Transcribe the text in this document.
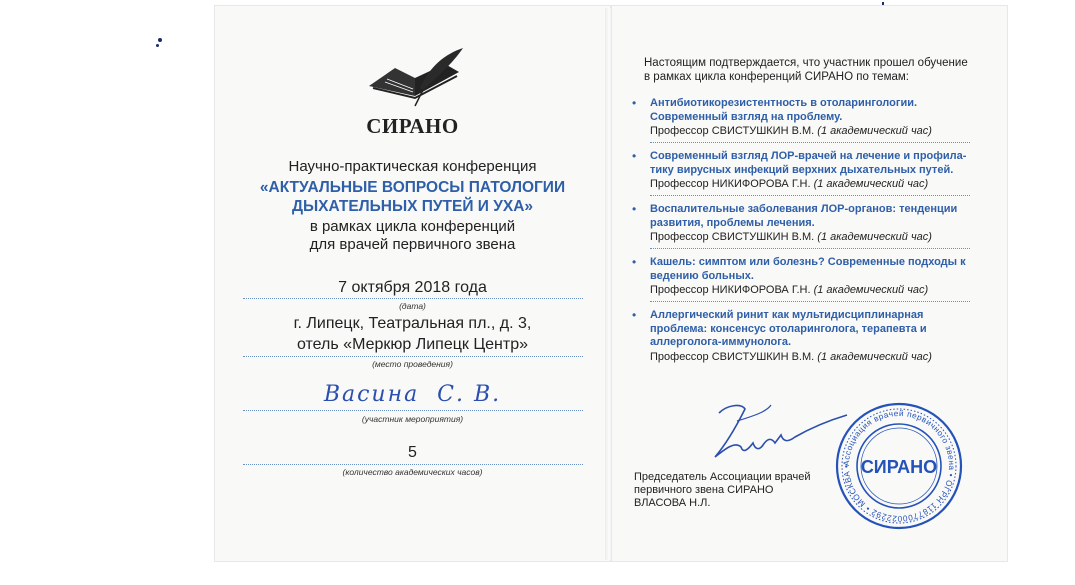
СИРАНО
Научно-практическая конференция
«АКТУАЛЬНЫЕ ВОПРОСЫ ПАТОЛОГИИ
ДЫХАТЕЛЬНЫХ ПУТЕЙ И УХА»
в рамках цикла конференций
для врачей первичного звена
7 октября 2018 года
(дата)
г. Липецк, Театральная пл., д. 3,
отель «Меркюр Липецк Центр»
(место проведения)
Васина  С. В.
(участник мероприятия)
5
(количество академических часов)
Настоящим подтверждается, что участник прошел обучение
в рамках цикла конференций СИРАНО по темам:
• Антибиотикорезистентность в отоларингологии. Современный взгляд на проблему.
Профессор СВИСТУШКИН В.М. (1 академический час)
• Современный взгляд ЛОР-врачей на лечение и профила-тику вирусных инфекций верхних дыхательных путей.
Профессор НИКИФОРОВА Г.Н. (1 академический час)
• Воспалительные заболевания ЛОР-органов: тенденции развития, проблемы лечения.
Профессор СВИСТУШКИН В.М. (1 академический час)
• Кашель: симптом или болезнь? Современные подходы к ведению больных.
Профессор НИКИФОРОВА Г.Н. (1 академический час)
• Аллергический ринит как мультидисциплинарная проблема: консенсус отоларинголога, терапевта и аллерголога-иммунолога.
Профессор СВИСТУШКИН В.М. (1 академический час)
Председатель Ассоциации врачей
первичного звена СИРАНО
ВЛАСОВА Н.Л.
Ассоциация врачей первичного звена • ОГРН 1187700022292 • МОСКВА • СИРАНО
